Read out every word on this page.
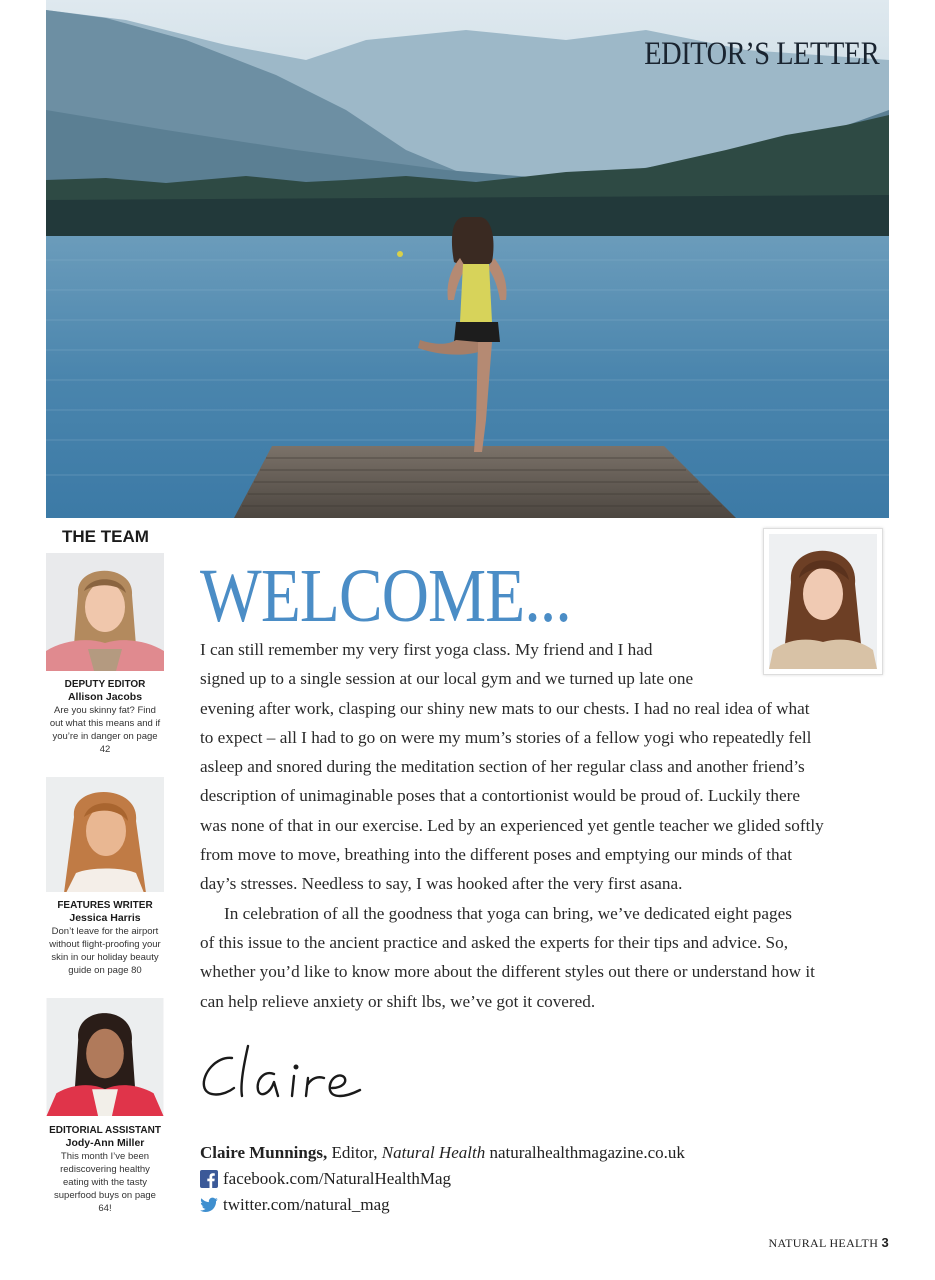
EDITOR’S LETTER
THE TEAM
DEPUTY EDITOR
Allison Jacobs
Are you skinny fat? Find out what this means and if you’re in danger on page 42
FEATURES WRITER
Jessica Harris
Don’t leave for the airport without flight-proofing your skin in our holiday beauty guide on page 80
EDITORIAL ASSISTANT
Jody-Ann Miller
This month I’ve been rediscovering healthy eating with the tasty superfood buys on page 64!
WELCOME...
I can still remember my very first yoga class. My friend and I had
signed up to a single session at our local gym and we turned up late one
evening after work, clasping our shiny new mats to our chests. I had no real idea of what
to expect – all I had to go on were my mum’s stories of a fellow yogi who repeatedly fell
asleep and snored during the meditation section of her regular class and another friend’s
description of unimaginable poses that a contortionist would be proud of. Luckily there
was none of that in our exercise. Led by an experienced yet gentle teacher we glided softly
from move to move, breathing into the different poses and emptying our minds of that
day’s stresses. Needless to say, I was hooked after the very first asana.
In celebration of all the goodness that yoga can bring, we’ve dedicated eight pages
of this issue to the ancient practice and asked the experts for their tips and advice. So,
whether you’d like to know more about the different styles out there or understand how it
can help relieve anxiety or shift lbs, we’ve got it covered.
Claire Munnings,
Editor,
Natural Health
naturalhealthmagazine.co.uk
facebook.com/NaturalHealthMag
twitter.com/natural_mag
NATURAL HEALTH 3
